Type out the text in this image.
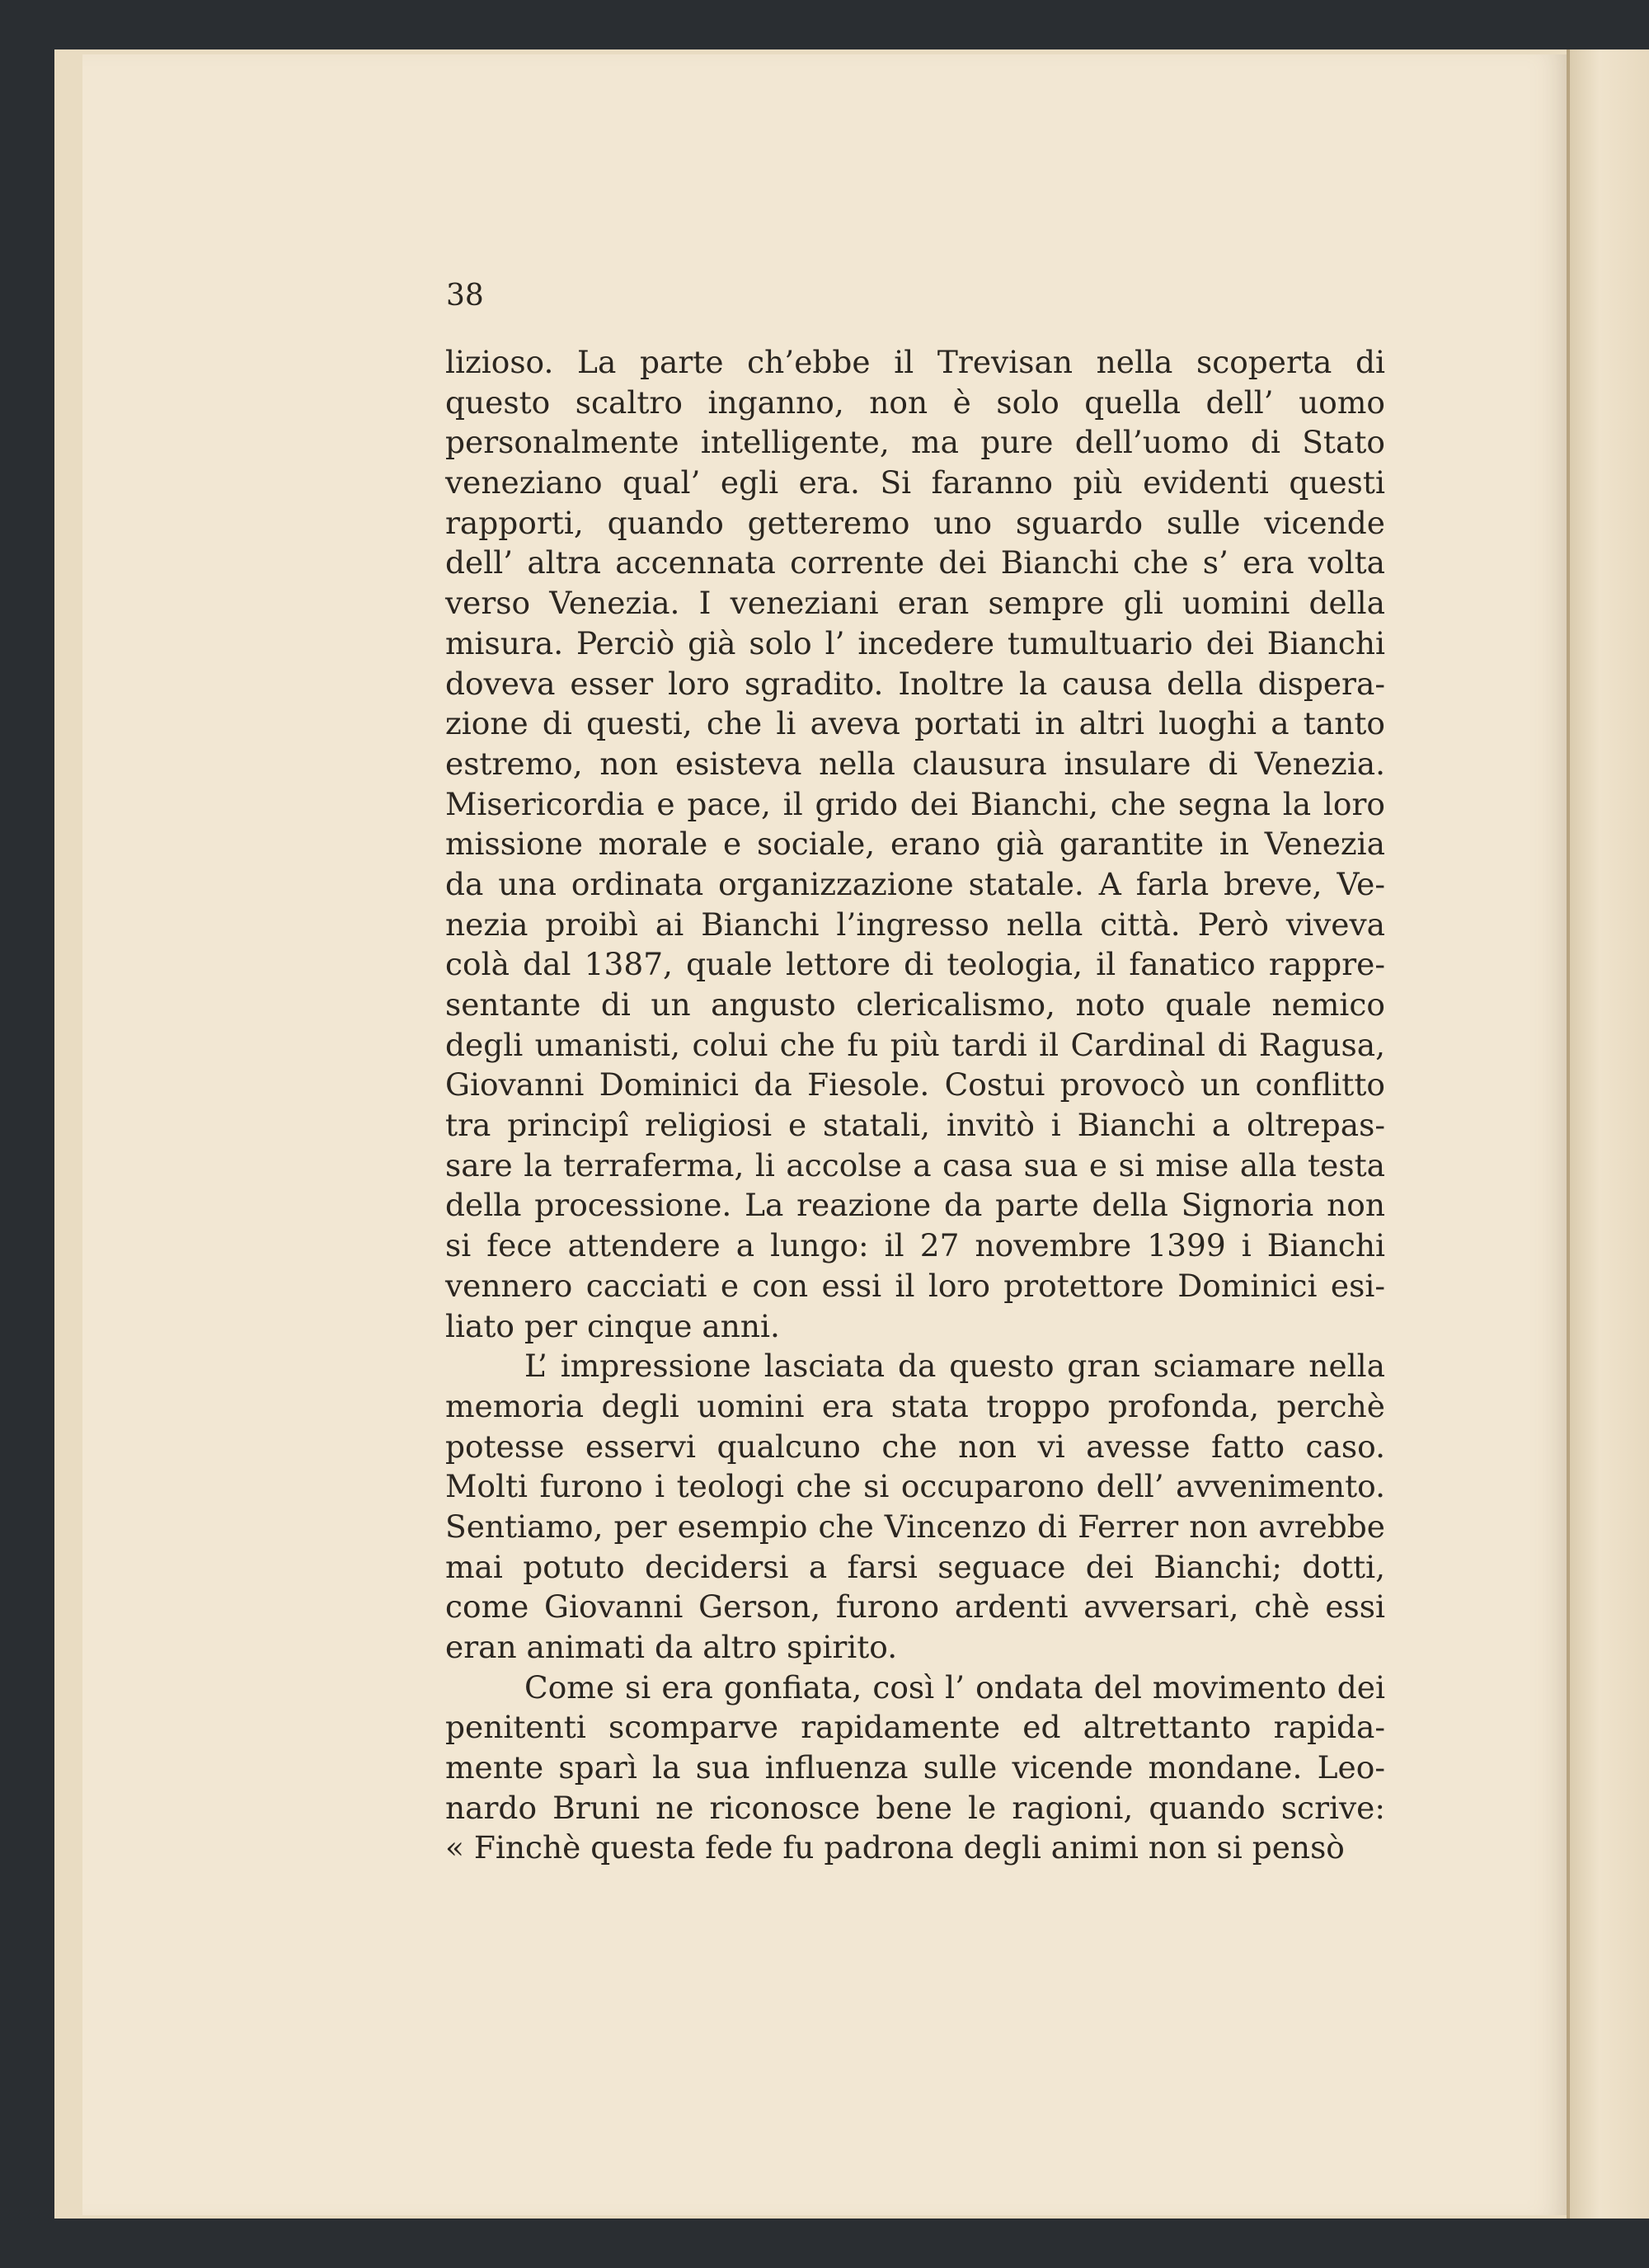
38
lizioso. La parte ch’ebbe il Trevisan nella scoperta di
questo scaltro inganno, non è solo quella dell’ uomo
personalmente intelligente, ma pure dell’uomo di Stato
veneziano qual’ egli era. Si faranno più evidenti questi
rapporti, quando getteremo uno sguardo sulle vicende
dell’ altra accennata corrente dei Bianchi che s’ era volta
verso Venezia. I veneziani eran sempre gli uomini della
misura. Perciò già solo l’ incedere tumultuario dei Bianchi
doveva esser loro sgradito. Inoltre la causa della dispera-
zione di questi, che li aveva portati in altri luoghi a tanto
estremo, non esisteva nella clausura insulare di Venezia.
Misericordia e pace, il grido dei Bianchi, che segna la loro
missione morale e sociale, erano già garantite in Venezia
da una ordinata organizzazione statale. A farla breve, Ve-
nezia proibì ai Bianchi l’ingresso nella città. Però viveva
colà dal 1387, quale lettore di teologia, il fanatico rappre-
sentante di un angusto clericalismo, noto quale nemico
degli umanisti, colui che fu più tardi il Cardinal di Ragusa,
Giovanni Dominici da Fiesole. Costui provocò un conflitto
tra principî religiosi e statali, invitò i Bianchi a oltrepas-
sare la terraferma, li accolse a casa sua e si mise alla testa
della processione. La reazione da parte della Signoria non
si fece attendere a lungo: il 27 novembre 1399 i Bianchi
vennero cacciati e con essi il loro protettore Dominici esi-
liato per cinque anni.
L’ impressione lasciata da questo gran sciamare nella
memoria degli uomini era stata troppo profonda, perchè
potesse esservi qualcuno che non vi avesse fatto caso.
Molti furono i teologi che si occuparono dell’ avvenimento.
Sentiamo, per esempio che Vincenzo di Ferrer non avrebbe
mai potuto decidersi a farsi seguace dei Bianchi; dotti,
come Giovanni Gerson, furono ardenti avversari, chè essi
eran animati da altro spirito.
Come si era gonfiata, così l’ ondata del movimento dei
penitenti scomparve rapidamente ed altrettanto rapida-
mente sparì la sua influenza sulle vicende mondane. Leo-
nardo Bruni ne riconosce bene le ragioni, quando scrive:
« Finchè questa fede fu padrona degli animi non si pensò
